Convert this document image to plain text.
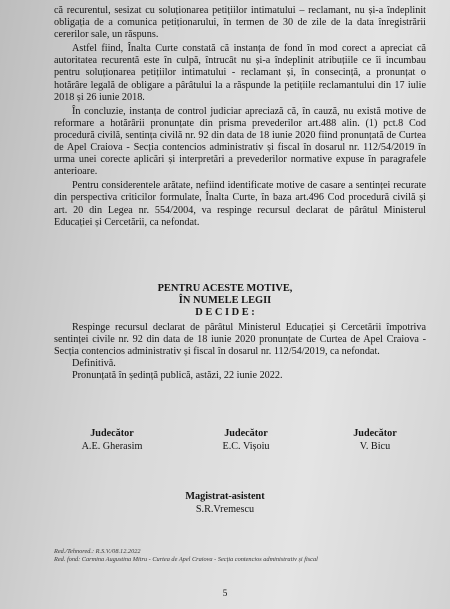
că recurentul, sesizat cu soluționarea petițiilor intimatului – reclamant, nu și-a îndeplinit obligația de a comunica petiționarului, în termen de 30 de zile de la data înregistrării cererilor sale, un răspuns.

Astfel fiind, Înalta Curte constată că instanța de fond în mod corect a apreciat că autoritatea recurentă este în culpă, întrucât nu și-a îndeplinit atribuțiile ce îi incumbau pentru soluționarea petițiilor intimatului - reclamant și, în consecință, a pronunțat o hotărâre legală de obligare a pârâtului la a răspunde la petițiile reclamantului din 17 iulie 2018 și 26 iunie 2018.

În concluzie, instanța de control judiciar apreciază că, în cauză, nu există motive de reformare a hotărârii pronunțate din prisma prevederilor art.488 alin. (1) pct.8 Cod procedură civilă, sentința civilă nr. 92 din data de 18 iunie 2020 fiind pronunțată de Curtea de Apel Craiova - Secția contencios administrativ și fiscal în dosarul nr. 112/54/2019 în urma unei corecte aplicări și interpretări a prevederilor normative expuse în paragrafele anterioare.

Pentru considerentele arătate, nefiind identificate motive de casare a sentinței recurate din perspectiva criticilor formulate, Înalta Curte, în baza art.496 Cod procedură civilă și art. 20 din Legea nr. 554/2004, va respinge recursul declarat de pârâtul Ministerul Educației și Cercetării, ca nefondat.

PENTRU ACESTE MOTIVE,
ÎN NUMELE LEGII
D E C I D E :

Respinge recursul declarat de pârâtul Ministerul Educației și Cercetării împotriva sentinței civile nr. 92 din data de 18 iunie 2020 pronunțate de Curtea de Apel Craiova - Secția contencios administrativ și fiscal în dosarul nr. 112/54/2019, ca nefondat.

Definitivă.

Pronunțată în ședință publică, astăzi, 22 iunie 2022.

Judecător
A.E. Gherasim
Judecător
E.C. Vișoiu
Judecător
V. Bicu
Magistrat-asistent
S.R.Vremescu
Red./Tehnored.: R.S.V./08.12.2022
Red. fond: Carmina Augustina Mitru - Curtea de Apel Craiova - Secția contencios administrativ și fiscal
5
